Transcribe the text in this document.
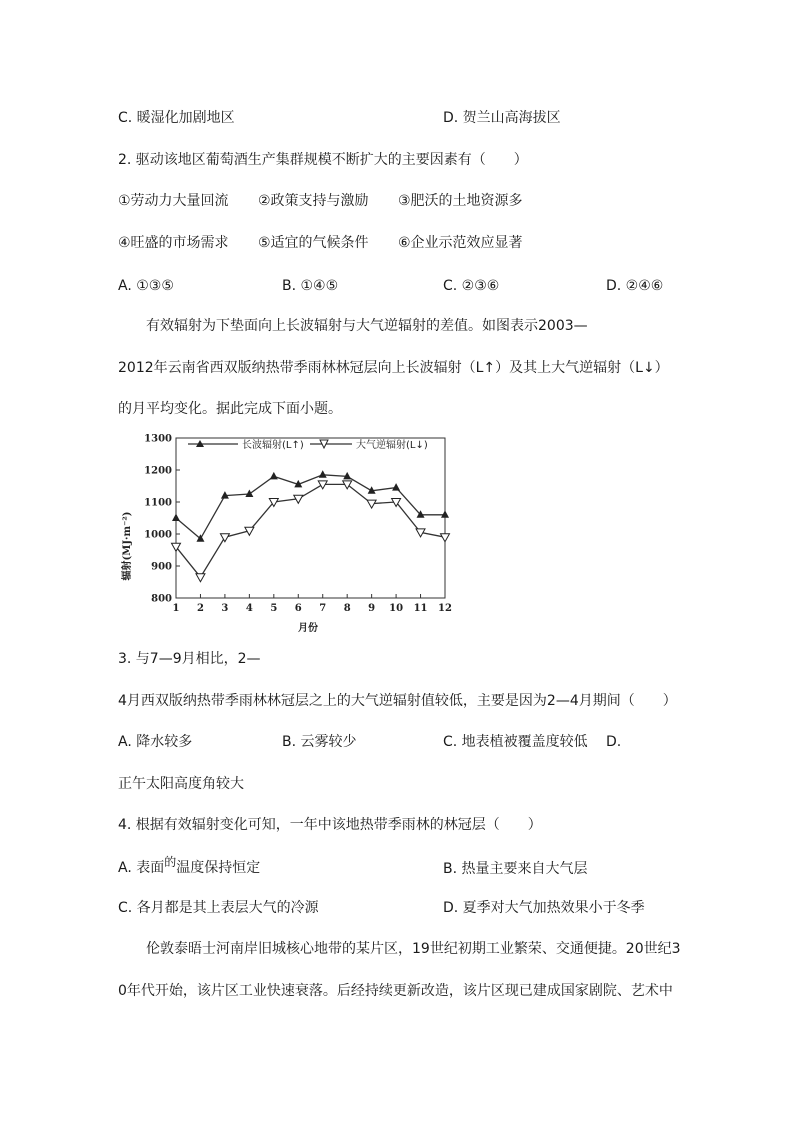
C. 暖湿化加剧地区	D. 贺兰山高海拔区
2. 驱动该地区葡萄酒生产集群规模不断扩大的主要因素有（　　）
①劳动力大量回流 ②政策支持与激励 ③肥沃的土地资源多
④旺盛的市场需求 ⑤适宜的气候条件 ⑥企业示范效应显著
A. ①③⑤	B. ①④⑤	C. ②③⑥	D. ②④⑥
有效辐射为下垫面向上长波辐射与大气逆辐射的差值。如图表示2003—
2012年云南省西双版纳热带季雨林林冠层向上长波辐射（L↑）及其上大气逆辐射（L↓）
的月平均变化。据此完成下面小题。
长波辐射(L↑)	大气逆辐射(L↓)
辐射(MJ·m⁻²)
月份
800
900
1000
1100
1200
1300
1 2 3 4 5 6 7 8 9 10 11 12
3. 与7—9月相比，2—
4月西双版纳热带季雨林林冠层之上的大气逆辐射值较低，主要是因为2—4月期间（　　）
A. 降水较多	B. 云雾较少	C. 地表植被覆盖度较低 D.
正午太阳高度角较大
4. 根据有效辐射变化可知，一年中该地热带季雨林的林冠层（　　）
A. 表面的温度保持恒定	B. 热量主要来自大气层
C. 各月都是其上表层大气的冷源	D. 夏季对大气加热效果小于冬季
伦敦泰晤士河南岸旧城核心地带的某片区，19世纪初期工业繁荣、交通便捷。20世纪3
0年代开始，该片区工业快速衰落。后经持续更新改造，该片区现已建成国家剧院、艺术中
